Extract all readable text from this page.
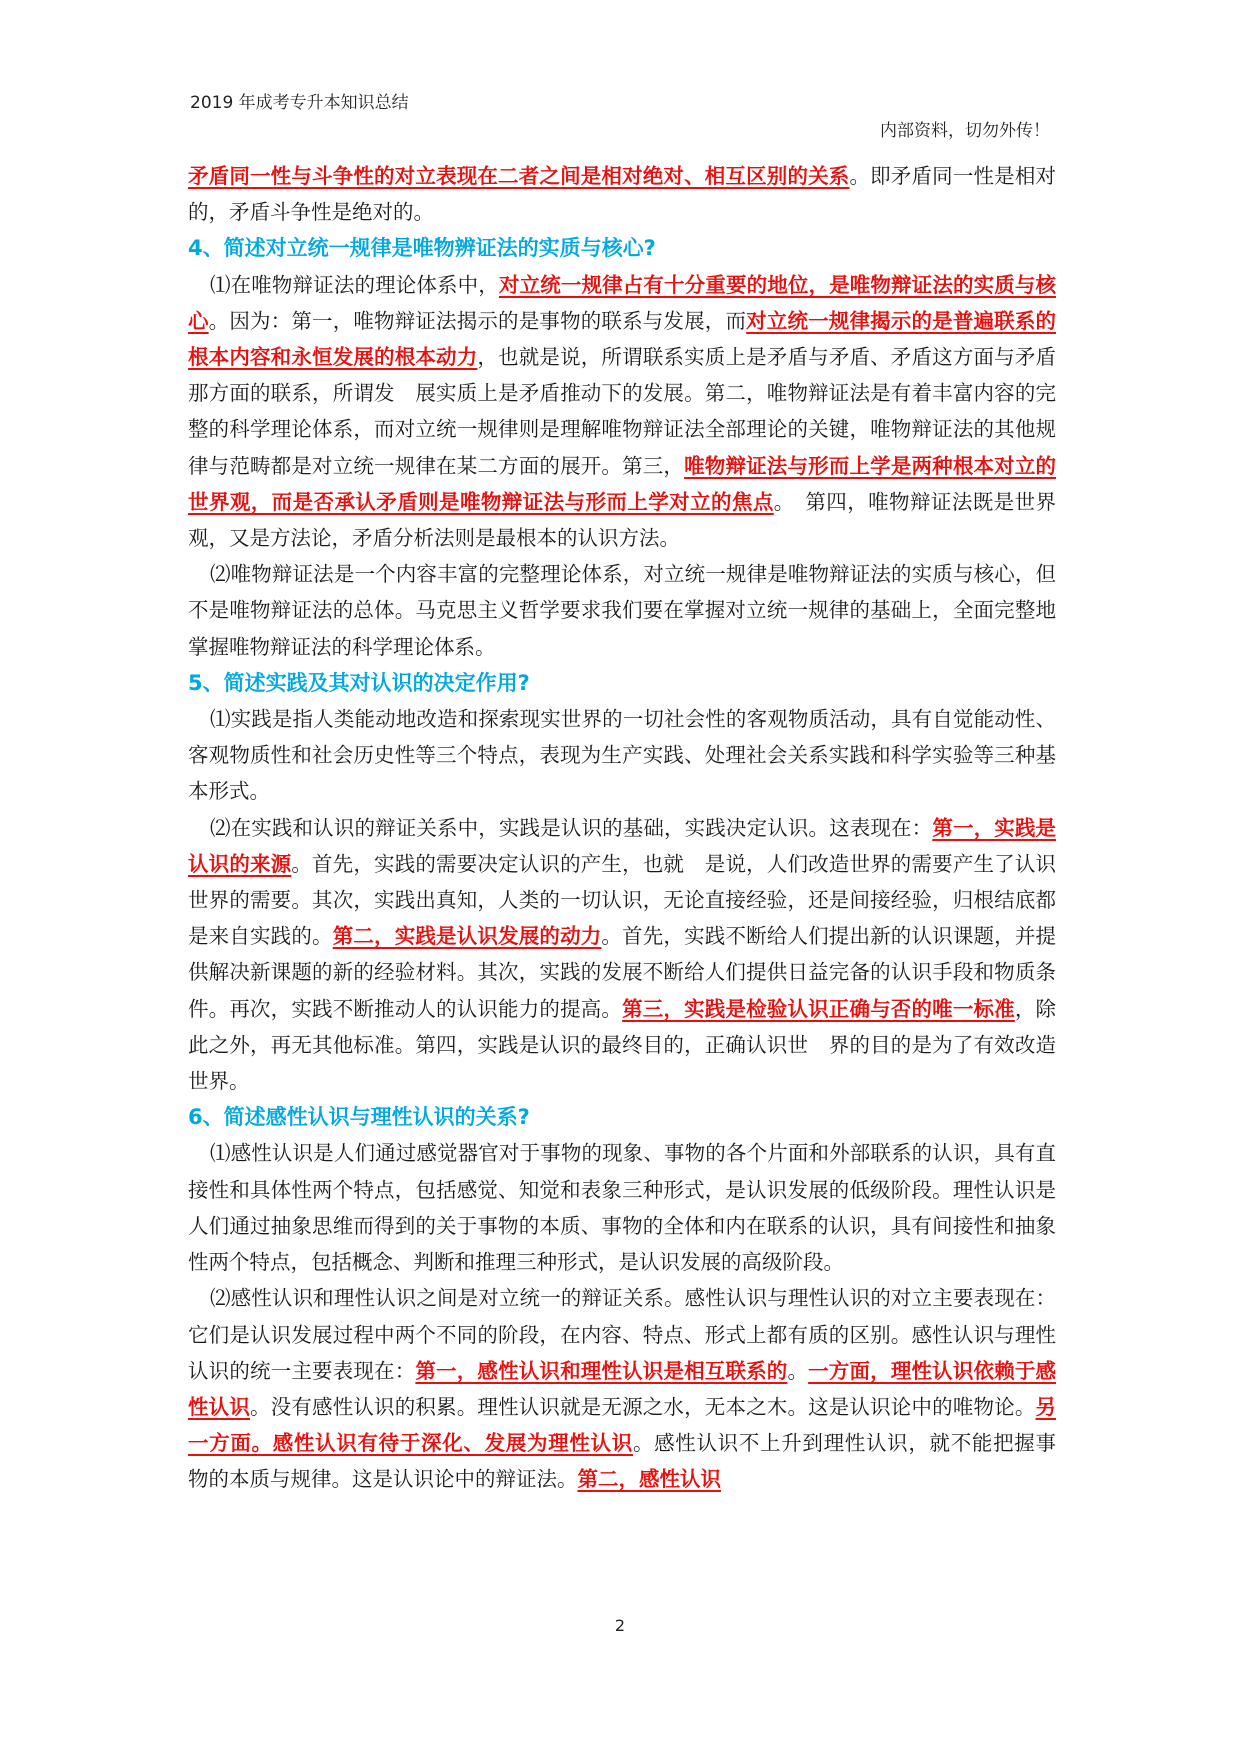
2019 年成考专升本知识总结
内部资料，切勿外传！

矛盾同一性与斗争性的对立表现在二者之间是相对绝对、相互区别的关系。即矛盾同一性是相对的，矛盾斗争性是绝对的。

4、简述对立统一规律是唯物辨证法的实质与核心?

⑴在唯物辩证法的理论体系中，对立统一规律占有十分重要的地位，是唯物辩证法的实质与核心。因为：第一，唯物辩证法揭示的是事物的联系与发展，而对立统一规律揭示的是普遍联系的根本内容和永恒发展的根本动力，也就是说，所谓联系实质上是矛盾与矛盾、矛盾这方面与矛盾那方面的联系，所谓发　展实质上是矛盾推动下的发展。第二，唯物辩证法是有着丰富内容的完整的科学理论体系，而对立统一规律则是理解唯物辩证法全部理论的关键，唯物辩证法的其他规律与范畴都是对立统一规律在某二方面的展开。第三，唯物辩证法与形而上学是两种根本对立的世界观，而是否承认矛盾则是唯物辩证法与形而上学对立的焦点。　第四，唯物辩证法既是世界观，又是方法论，矛盾分析法则是最根本的认识方法。

⑵唯物辩证法是一个内容丰富的完整理论体系，对立统一规律是唯物辩证法的实质与核心，但不是唯物辩证法的总体。马克思主义哲学要求我们要在掌握对立统一规律的基础上，全面完整地掌握唯物辩证法的科学理论体系。

5、简述实践及其对认识的决定作用?

⑴实践是指人类能动地改造和探索现实世界的一切社会性的客观物质活动，具有自觉能动性、客观物质性和社会历史性等三个特点，表现为生产实践、处理社会关系实践和科学实验等三种基本形式。

⑵在实践和认识的辩证关系中，实践是认识的基础，实践决定认识。这表现在：第一，实践是认识的来源。首先，实践的需要决定认识的产生，也就　是说，人们改造世界的需要产生了认识世界的需要。其次，实践出真知，人类的一切认识，无论直接经验，还是间接经验，归根结底都是来自实践的。第二，实践是认识发展的动力。首先，实践不断给人们提出新的认识课题，并提供解决新课题的新的经验材料。其次，实践的发展不断给人们提供日益完备的认识手段和物质条　件。再次，实践不断推动人的认识能力的提高。第三，实践是检验认识正确与否的唯一标准，除此之外，再无其他标准。第四，实践是认识的最终目的，正确认识世　界的目的是为了有效改造世界。

6、简述感性认识与理性认识的关系?

⑴感性认识是人们通过感觉器官对于事物的现象、事物的各个片面和外部联系的认识，具有直接性和具体性两个特点，包括感觉、知觉和表象三种形式，是认识发展的低级阶段。理性认识是人们通过抽象思维而得到的关于事物的本质、事物的全体和内在联系的认识，具有间接性和抽象性两个特点，包括概念、判断和推理三种形式，是认识发展的高级阶段。

⑵感性认识和理性认识之间是对立统一的辩证关系。感性认识与理性认识的对立主要表现在：它们是认识发展过程中两个不同的阶段，在内容、特点、形式上都有质的区别。感性认识与理性认识的统一主要表现在：第一，感性认识和理性认识是相互联系的。一方面，理性认识依赖于感性认识。没有感性认识的积累。理性认识就是无源之水，无本之木。这是认识论中的唯物论。另一方面。感性认识有待于深化、发展为理性认识。感性认识不上升到理性认识，就不能把握事　物的本质与规律。这是认识论中的辩证法。第二，感性认识

2
